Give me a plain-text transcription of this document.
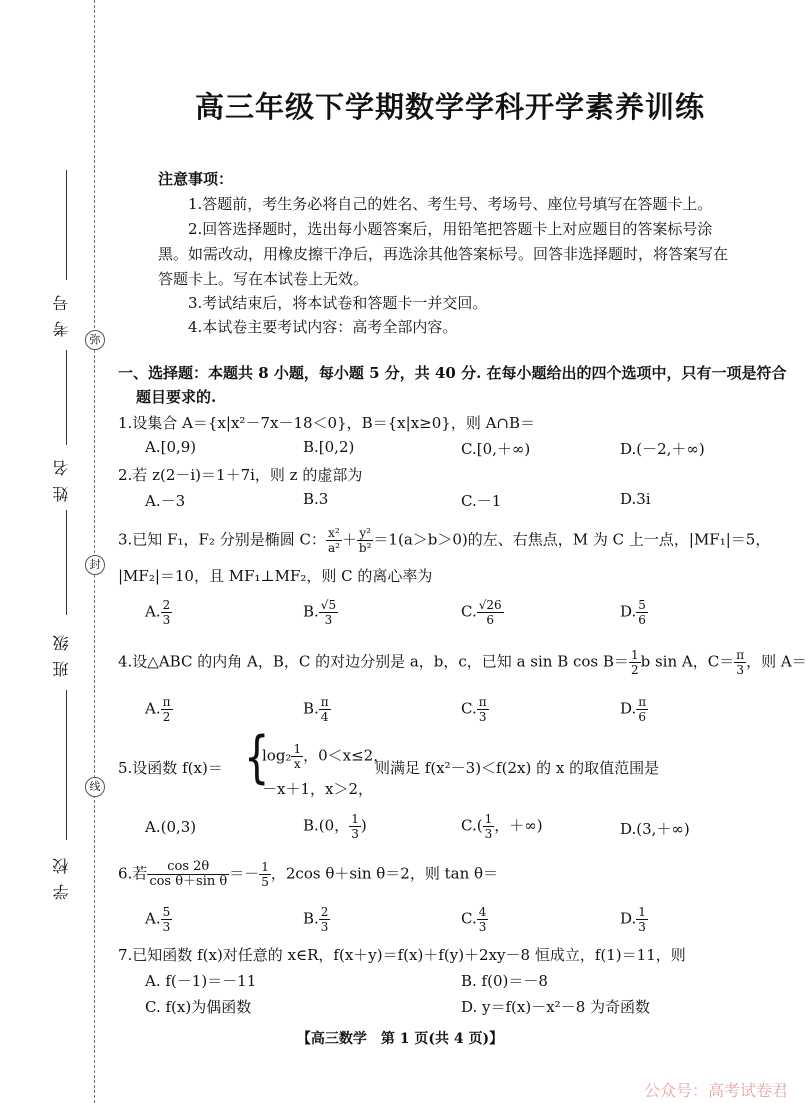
考号
弥
姓名
封
班级
线
学校
高三年级下学期数学学科开学素养训练
注意事项：
1.答题前，考生务必将自己的姓名、考生号、考场号、座位号填写在答题卡上。
2.回答选择题时，选出每小题答案后，用铅笔把答题卡上对应题目的答案标号涂
黑。如需改动，用橡皮擦干净后，再选涂其他答案标号。回答非选择题时，将答案写在
答题卡上。写在本试卷上无效。
3.考试结束后，将本试卷和答题卡一并交回。
4.本试卷主要考试内容：高考全部内容。
一、选择题：本题共 8 小题，每小题 5 分，共 40 分. 在每小题给出的四个选项中，只有一项是符合
题目要求的.
1.设集合 A＝{x|x²－7x－18＜0}，B＝{x|x≥0}，则 A∩B＝
A.[0,9)	B.[0,2)	C.[0,＋∞)	D.(－2,＋∞)
2.若 z(2－i)＝1＋7i，则 z 的虚部为
A.－3	B.3	C.－1	D.3i
3.已知 F₁，F₂ 分别是椭圆 C： $\frac{\text{x²}}{\text{a²}} + \frac{\text{y²}}{\text{b²}} =1(a>b>0)$的左、右焦点，M 为 C 上一点，|MF₁|＝5，
|MF₂|＝10，且 MF₁⊥MF₂，则 C 的离心率为
A. $\frac{2}{3}$	B. $\frac{√5}{3}$	C. $\frac{√26}{6}$	D. $\frac{5}{6}$
4.设△ABC 的内角 A，B，C 的对边分别是 a，b，c，已知 a sin B $\cos B= \frac{1}{2}$ b sin A，$C= \frac{\pi}{3}$ ，则 A＝
A. $\frac{\pi}{2}$	B. $\frac{\pi}{4}$	C. $\frac{\pi}{3}$	D. $\frac{\pi}{6}$
5.设函数 f(x)＝ {
$\log_2 \frac{1}{x}$ ，0＜x≤2，
－x＋1，x＞2，
则满足 f(x²－3)＜f(2x) 的 x 的取值范围是
A.(0,3)	B.(0， $\frac{1}{3}$ )	$C.( \frac{1}{3}$ ，＋∞)	D.(3,＋∞)
6.若 $\frac{\cos 2\theta}{\text{cos θ＋sin θ}} =- \frac{1}{5}$ ，2cos θ＋sin θ＝2，则 tan θ＝
A. $\frac{5}{3}$	B. $\frac{2}{3}$	C. $\frac{4}{3}$	D. $\frac{1}{3}$
7.已知函数 f(x)对任意的 x∈R，f(x＋y)＝f(x)＋f(y)＋2xy－8 恒成立，f(1)＝11，则
A. f(－1)＝－11	B. f(0)＝－8
C. f(x)为偶函数	D. y＝f(x)－x²－8 为奇函数
【高三数学　第 1 页(共 4 页)】
公众号：高考试卷君
